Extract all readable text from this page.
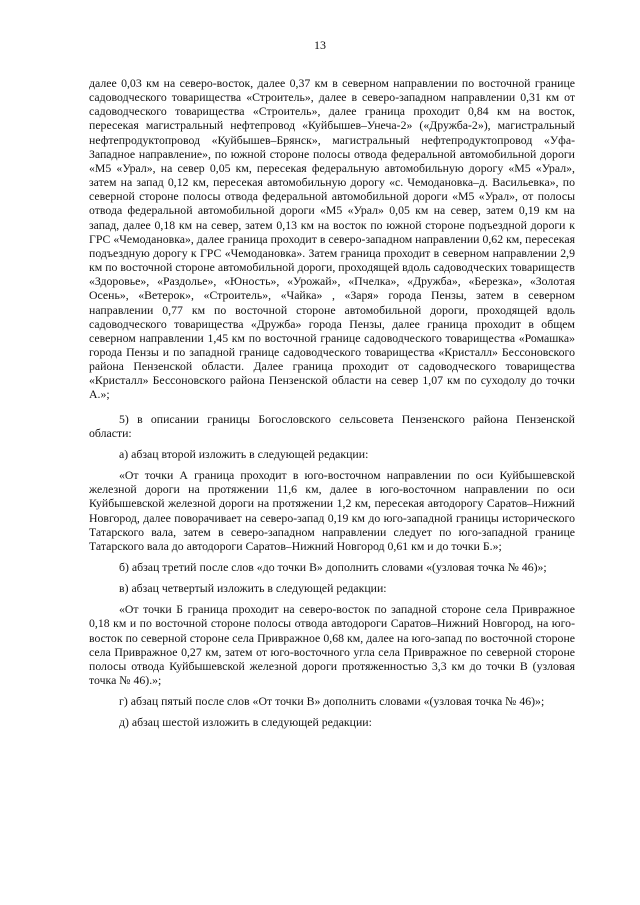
13

далее 0,03 км на северо-восток, далее 0,37 км в северном направлении по восточной границе садоводческого товарищества «Строитель», далее в северо-западном направлении 0,31 км от садоводческого товарищества «Строитель», далее граница проходит 0,84 км на восток, пересекая магистральный нефтепровод «Куйбышев–Унеча-2» («Дружба-2»), магистральный нефтепродуктопровод «Куйбышев–Брянск», магистральный нефтепродуктопровод «Уфа-Западное направление», по южной стороне полосы отвода федеральной автомобильной дороги «М5 «Урал», на север 0,05 км, пересекая федеральную автомобильную дорогу «М5 «Урал», затем на запад 0,12 км, пересекая автомобильную дорогу «с. Чемодановка–д. Васильевка», по северной стороне полосы отвода федеральной автомобильной дороги «М5 «Урал», от полосы отвода федеральной автомобильной дороги «М5 «Урал» 0,05 км на север, затем 0,19 км на запад, далее 0,18 км на север, затем 0,13 км на восток по южной стороне подъездной дороги к ГРС «Чемодановка», далее граница проходит в северо-западном направлении 0,62 км, пересекая подъездную дорогу к ГРС «Чемодановка». Затем граница проходит в северном направлении 2,9 км по восточной стороне автомобильной дороги, проходящей вдоль садоводческих товариществ «Здоровье», «Раздолье», «Юность», «Урожай», «Пчелка», «Дружба», «Березка», «Золотая Осень», «Ветерок», «Строитель», «Чайка» , «Заря» города Пензы, затем в северном направлении 0,77 км по восточной стороне автомобильной дороги, проходящей вдоль садоводческого товарищества «Дружба» города Пензы, далее граница проходит в общем северном направлении 1,45 км по восточной границе садоводческого товарищества «Ромашка» города Пензы и по западной границе садоводческого товарищества «Кристалл» Бессоновского района Пензенской области. Далее граница проходит от садоводческого товарищества «Кристалл» Бессоновского района Пензенской области на север 1,07 км по суходолу до точки А.»;

5) в описании границы Богословского сельсовета Пензенского района Пензенской области:

а) абзац второй изложить в следующей редакции:

«От точки А граница проходит в юго-восточном направлении по оси Куйбышевской железной дороги на протяжении 11,6 км, далее в юго-восточном направлении по оси Куйбышевской железной дороги на протяжении 1,2 км, пересекая автодорогу Саратов–Нижний Новгород, далее поворачивает на северо-запад 0,19 км до юго-западной границы исторического Татарского вала, затем в северо-западном направлении следует по юго-западной границе Татарского вала до автодороги Саратов–Нижний Новгород 0,61 км и до точки Б.»;

б) абзац третий после слов «до точки В» дополнить словами «(узловая точка № 46)»;

в) абзац четвертый изложить в следующей редакции:

«От точки Б граница проходит на северо-восток по западной стороне села Привражное 0,18 км и по восточной стороне полосы отвода автодороги Саратов–Нижний Новгород, на юго-восток по северной стороне села Привражное 0,68 км, далее на юго-запад по восточной стороне села Привражное 0,27 км, затем от юго-восточного угла села Привражное по северной стороне полосы отвода Куйбышевской железной дороги протяженностью 3,3 км до точки В (узловая точка № 46).»;

г) абзац пятый после слов «От точки В» дополнить словами «(узловая точка № 46)»;

д) абзац шестой изложить в следующей редакции:
